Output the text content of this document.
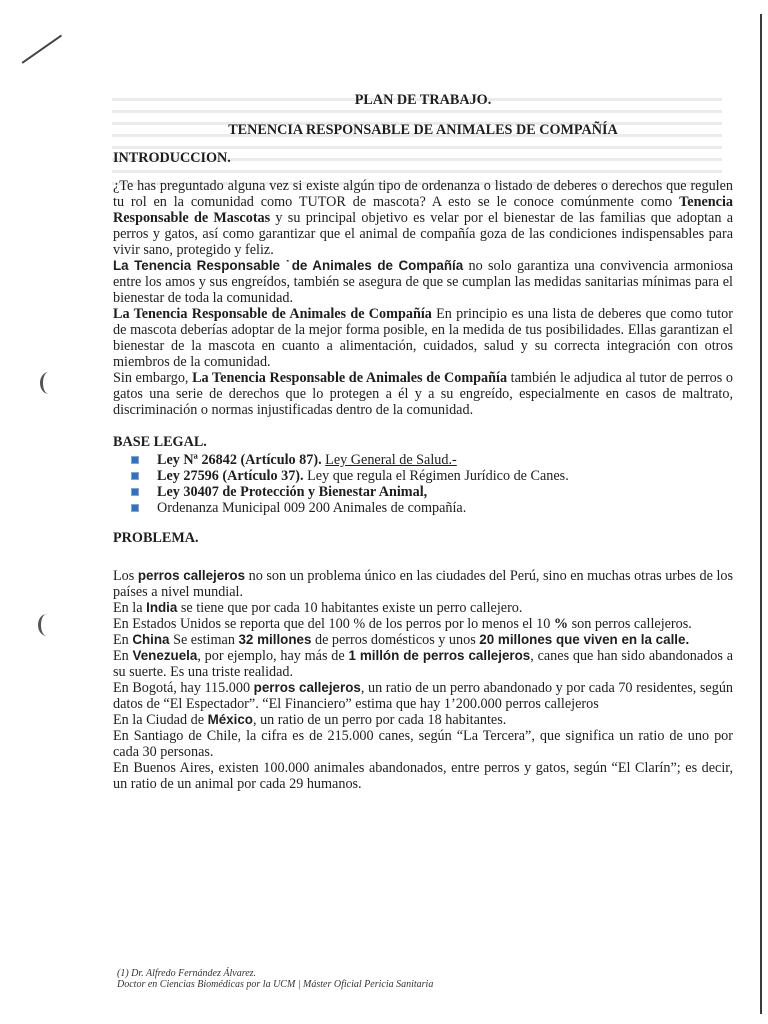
PLAN DE TRABAJO.
TENENCIA RESPONSABLE DE ANIMALES DE COMPAÑÍA
INTRODUCCION.

¿Te has preguntado alguna vez si existe algún tipo de ordenanza o listado de deberes o derechos que regulen tu rol en la comunidad como TUTOR de mascota? A esto se le conoce comúnmente como Tenencia Responsable de Mascotas y su principal objetivo es velar por el bienestar de las familias que adoptan a perros y gatos, así como garantizar que el animal de compañía goza de las condiciones indispensables para vivir sano, protegido y feliz.

La Tenencia Responsable ˙de Animales de Compañía no solo garantiza una convivencia armoniosa entre los amos y sus engreídos, también se asegura de que se cumplan las medidas sanitarias mínimas para el bienestar de toda la comunidad.

La Tenencia Responsable de Animales de Compañía En principio es una lista de deberes que como tutor de mascota deberías adoptar de la mejor forma posible, en la medida de tus posibilidades. Ellas garantizan el bienestar de la mascota en cuanto a alimentación, cuidados, salud y su correcta integración con otros miembros de la comunidad.

Sin embargo, La Tenencia Responsable de Animales de Compañía también le adjudica al tutor de perros o gatos una serie de derechos que lo protegen a él y a su engreído, especialmente en casos de maltrato, discriminación o normas injustificadas dentro de la comunidad.

BASE LEGAL.
Ley Nª 26842 (Artículo 87). Ley General de Salud.-
Ley 27596 (Artículo 37). Ley que regula el Régimen Jurídico de Canes.
Ley 30407 de Protección y Bienestar Animal,
Ordenanza Municipal 009 200 Animales de compañía.
PROBLEMA.

Los perros callejeros no son un problema único en las ciudades del Perú, sino en muchas otras urbes de los países a nivel mundial.

En la India se tiene que por cada 10 habitantes existe un perro callejero.

En Estados Unidos se reporta que del 100 % de los perros por lo menos el 10 % son perros callejeros.

En China Se estiman 32 millones de perros domésticos y unos 20 millones que viven en la calle.

En Venezuela, por ejemplo, hay más de 1 millón de perros callejeros, canes que han sido abandonados a su suerte. Es una triste realidad.

En Bogotá, hay 115.000 perros callejeros, un ratio de un perro abandonado y por cada 70 residentes, según datos de “El Espectador”. “El Financiero” estima que hay 1’200.000 perros callejeros

En la Ciudad de México, un ratio de un perro por cada 18 habitantes.

En Santiago de Chile, la cifra es de 215.000 canes, según “La Tercera”, que significa un ratio de uno por cada 30 personas.

En Buenos Aires, existen 100.000 animales abandonados, entre perros y gatos, según “El Clarín”; es decir, un ratio de un animal por cada 29 humanos.

(1) Dr. Alfredo Fernández Álvarez.
Doctor en Ciencias Biomédicas por la UCM | Máster Oficial Pericia Sanitaria
